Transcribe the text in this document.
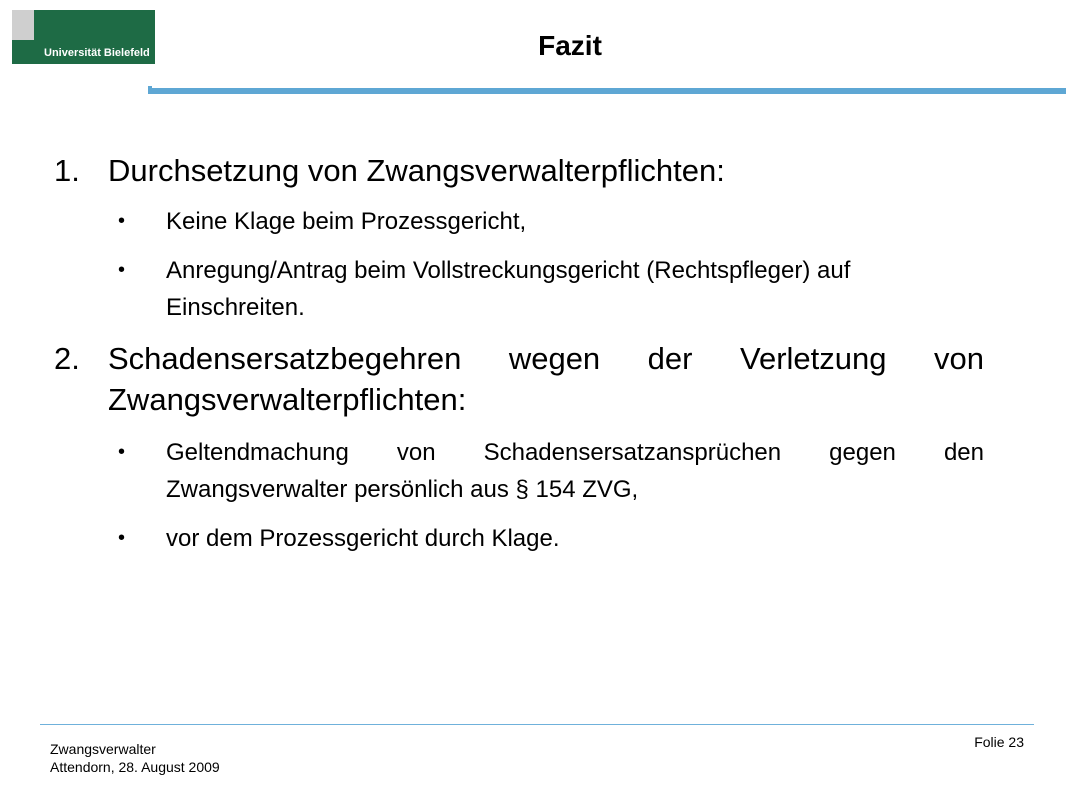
Universität Bielefeld	Fazit
1. Durchsetzung von Zwangsverwalterpflichten:
• Keine Klage beim Prozessgericht,
• Anregung/Antrag beim Vollstreckungsgericht (Rechtspfleger) auf Einschreiten.
2. Schadensersatzbegehren wegen der Verletzung von Zwangsverwalterpflichten:
• Geltendmachung von Schadensersatzansprüchen gegen den Zwangsverwalter persönlich aus § 154 ZVG,
• vor dem Prozessgericht durch Klage.
Zwangsverwalter
Attendorn, 28. August 2009
Folie 23
